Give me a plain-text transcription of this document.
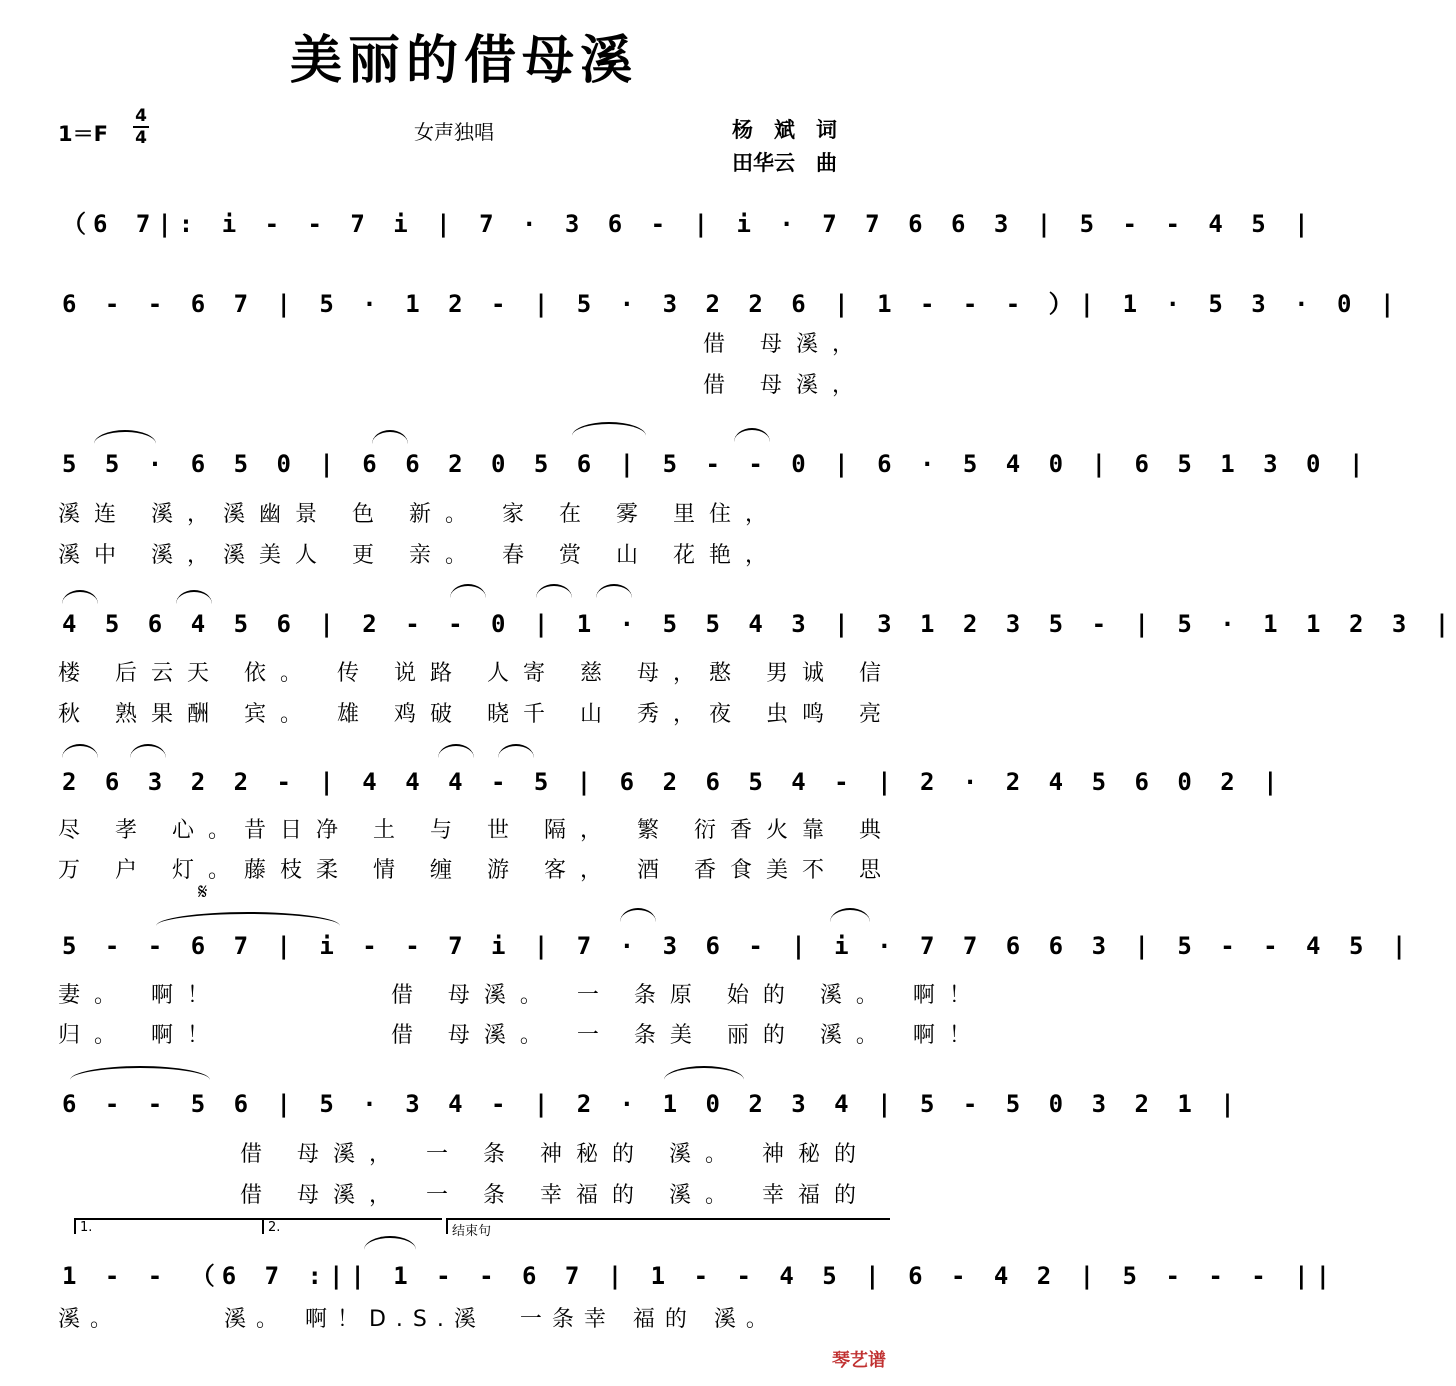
美丽的借母溪
1＝F
4
4	女声独唱	杨　斌　词
田华云　曲
（6 7|: i - - 7 i | 7 · 3 6 - | i · 7 7 6 6 3 | 5 - - 4 5 |
6 - - 6 7 | 5 · 1 2 - | 5 · 3 2 2 6 | 1 - - - ）| 1 · 5 3 · 0 |
借 母溪，
借 母溪，
5 5 · 6 5 0 | 6 6 2 0 5 6 | 5 - - 0 | 6 · 5 4 0 | 6 5 1 3 0 |
溪连 溪，溪幽景 色 新。 家 在 雾 里住，
溪中 溪，溪美人 更 亲。 春 赏 山 花艳，
4 5 6 4 5 6 | 2 - - 0 | 1 · 5 5 4 3 | 3 1 2 3 5 - | 5 · 1 1 2 3 |
楼 后云天 依。 传 说路 人寄 慈 母，憨 男诚 信
秋 熟果酬 宾。 雄 鸡破 晓千 山 秀，夜 虫鸣 亮
2 6 3 2 2 - | 4 4 4 - 5 | 6 2 6 5 4 - | 2 · 2 4 5 6 0 2 |
尽 孝 心。昔日净 土 与 世 隔， 繁 衍香火靠 典
万 户 灯。藤枝柔 情 缠 游 客， 酒 香食美不 思
𝄋
5 - - 6 7 | i - - 7 i | 7 · 3 6 - | i · 7 7 6 6 3 | 5 - - 4 5 |
妻。 啊！        借 母溪。 一 条原 始的 溪。 啊！
归。 啊！        借 母溪。 一 条美 丽的 溪。 啊！
6 - - 5 6 | 5 · 3 4 - | 2 · 1 0 2 3 4 | 5 - 5 0 3 2 1 |
借 母溪， 一 条 神秘的 溪。 神秘的
借 母溪， 一 条 幸福的 溪。 幸福的
1.	2.	结束句
1 - - （6 7 :|| 1 - - 6 7 | 1 - - 4 5 | 6 - 4 2 | 5 - - - ||
溪。      溪。 啊！D.S.溪  一条幸 福的 溪。
琴艺谱
